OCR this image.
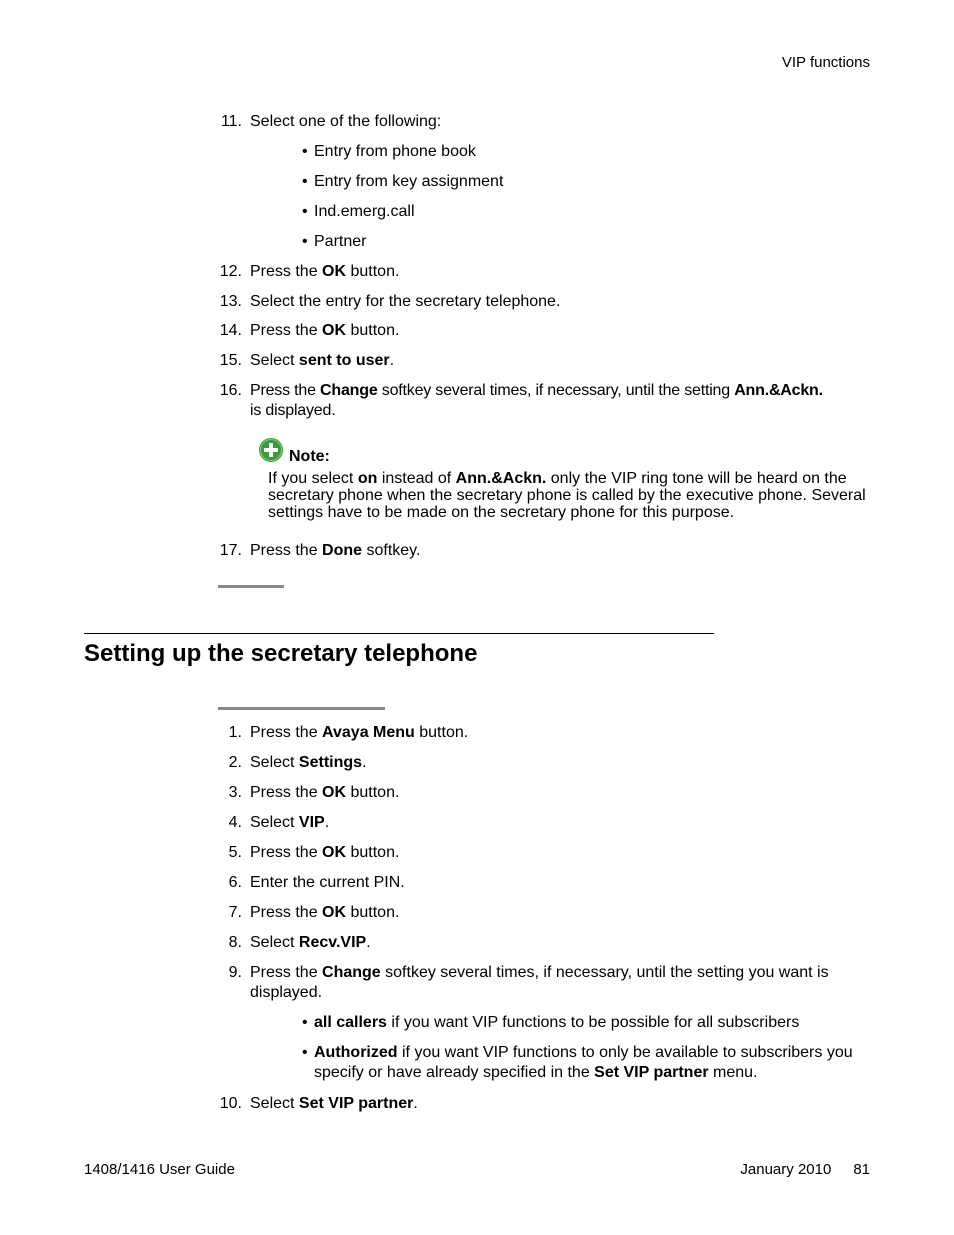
VIP functions
11. Select one of the following:
• Entry from phone book
• Entry from key assignment
• Ind.emerg.call
• Partner
12. Press the OK button.
13. Select the entry for the secretary telephone.
14. Press the OK button.
15. Select sent to user.
16. Press the Change softkey several times, if necessary, until the setting Ann.&Ackn.
is displayed.
Note:
If you select on instead of Ann.&Ackn. only the VIP ring tone will be heard on the secretary phone when the secretary phone is called by the executive phone. Several settings have to be made on the secretary phone for this purpose.
17. Press the Done softkey.
Setting up the secretary telephone
1. Press the Avaya Menu button.
2. Select Settings.
3. Press the OK button.
4. Select VIP.
5. Press the OK button.
6. Enter the current PIN.
7. Press the OK button.
8. Select Recv.VIP.
9. Press the Change softkey several times, if necessary, until the setting you want is displayed.
• all callers if you want VIP functions to be possible for all subscribers
• Authorized if you want VIP functions to only be available to subscribers you specify or have already specified in the Set VIP partner menu.
10. Select Set VIP partner.
1408/1416 User Guide	January 2010 81
